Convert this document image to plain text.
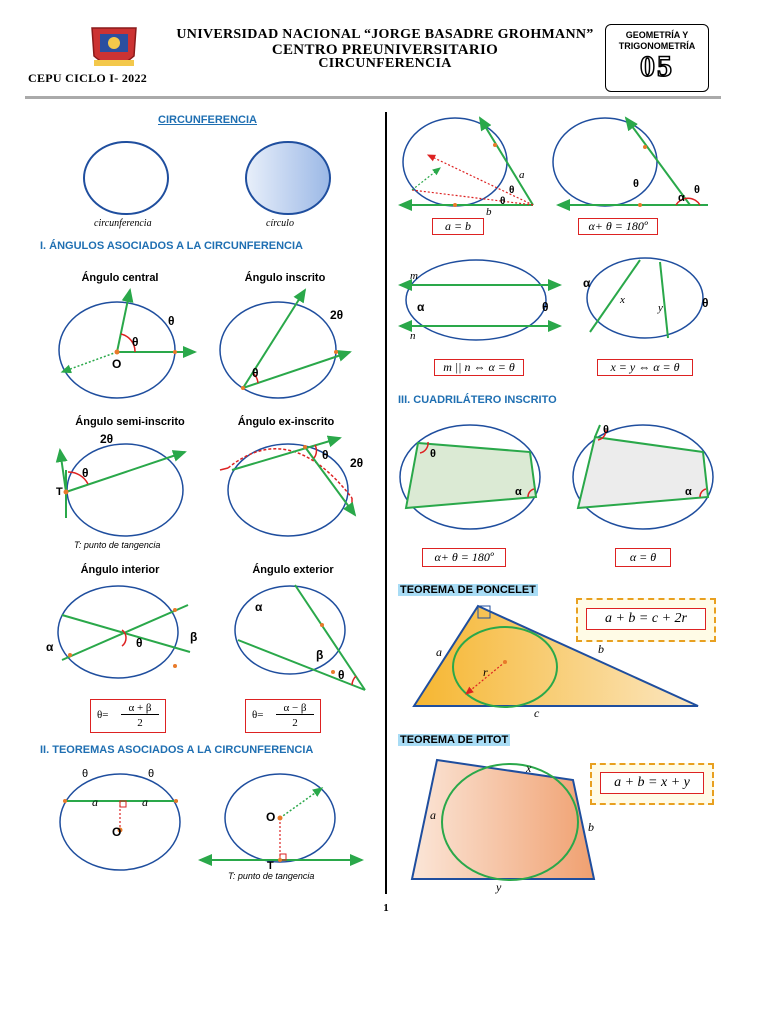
UNIVERSIDAD NACIONAL “JORGE BASADRE GROHMANN”
CENTRO PREUNIVERSITARIO
CIRCUNFERENCIA
CEPU CICLO I- 2022
GEOMETRÍA Y TRIGONOMETRÍA
05
CIRCUNFERENCIA
circunferencia	círculo
I. ÁNGULOS ASOCIADOS A LA CIRCUNFERENCIA
Ángulo central	Ángulo inscrito
θ
θ
O
θ
2θ
Ángulo semi-inscrito	Ángulo ex-inscrito
2θ
θ
T
θ
2θ
T: punto de tangencia
Ángulo interior	Ángulo exterior
α	θ	β
α
β
θ
θ=
α + β
2
θ=
α − β
2
II. TEOREMAS ASOCIADOS A LA CIRCUNFERENCIA
θ	θ
a	a
O
O
T
T: punto de tangencia
a
b
θ
θ
θ
α
θ
a = b	α+ θ = 180º
m
n
α	θ
α
θ
x
y
m || n ⇔ α = θ	x = y ⇔ α = θ
III. CUADRILÁTERO INSCRITO
θ
α
θ
α
α+ θ = 180º	α = θ
TEOREMA DE PONCELET
a + b = c + 2r
a	b
c
r
TEOREMA DE PITOT
a + b = x + y
a
b
x
y
1
